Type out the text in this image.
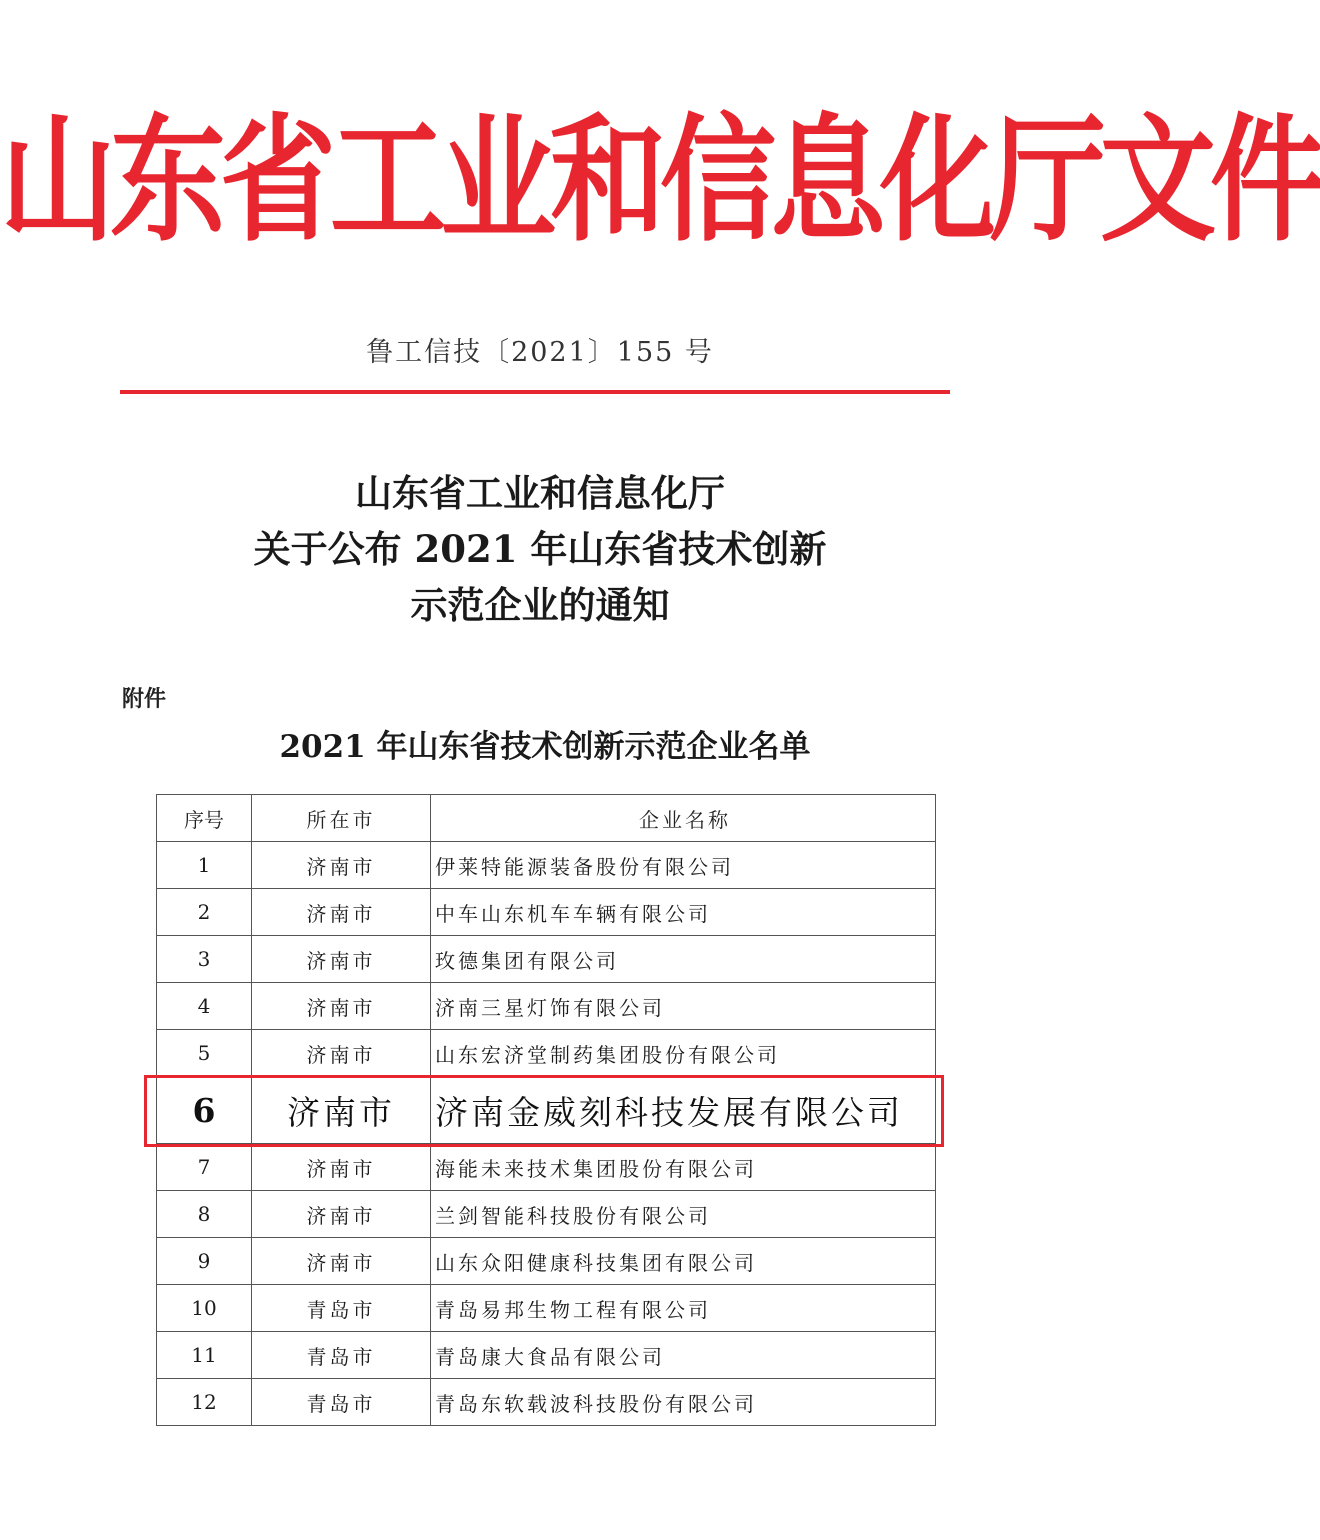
山东省工业和信息化厅文件
鲁工信技〔2021〕155 号
山东省工业和信息化厅
关于公布 2021 年山东省技术创新
示范企业的通知
附件
2021 年山东省技术创新示范企业名单
序号	所在市	企业名称
1	济南市	伊莱特能源装备股份有限公司
2	济南市	中车山东机车车辆有限公司
3	济南市	玫德集团有限公司
4	济南市	济南三星灯饰有限公司
5	济南市	山东宏济堂制药集团股份有限公司
6	济南市	济南金威刻科技发展有限公司
7	济南市	海能未来技术集团股份有限公司
8	济南市	兰剑智能科技股份有限公司
9	济南市	山东众阳健康科技集团有限公司
10	青岛市	青岛易邦生物工程有限公司
11	青岛市	青岛康大食品有限公司
12	青岛市	青岛东软载波科技股份有限公司
